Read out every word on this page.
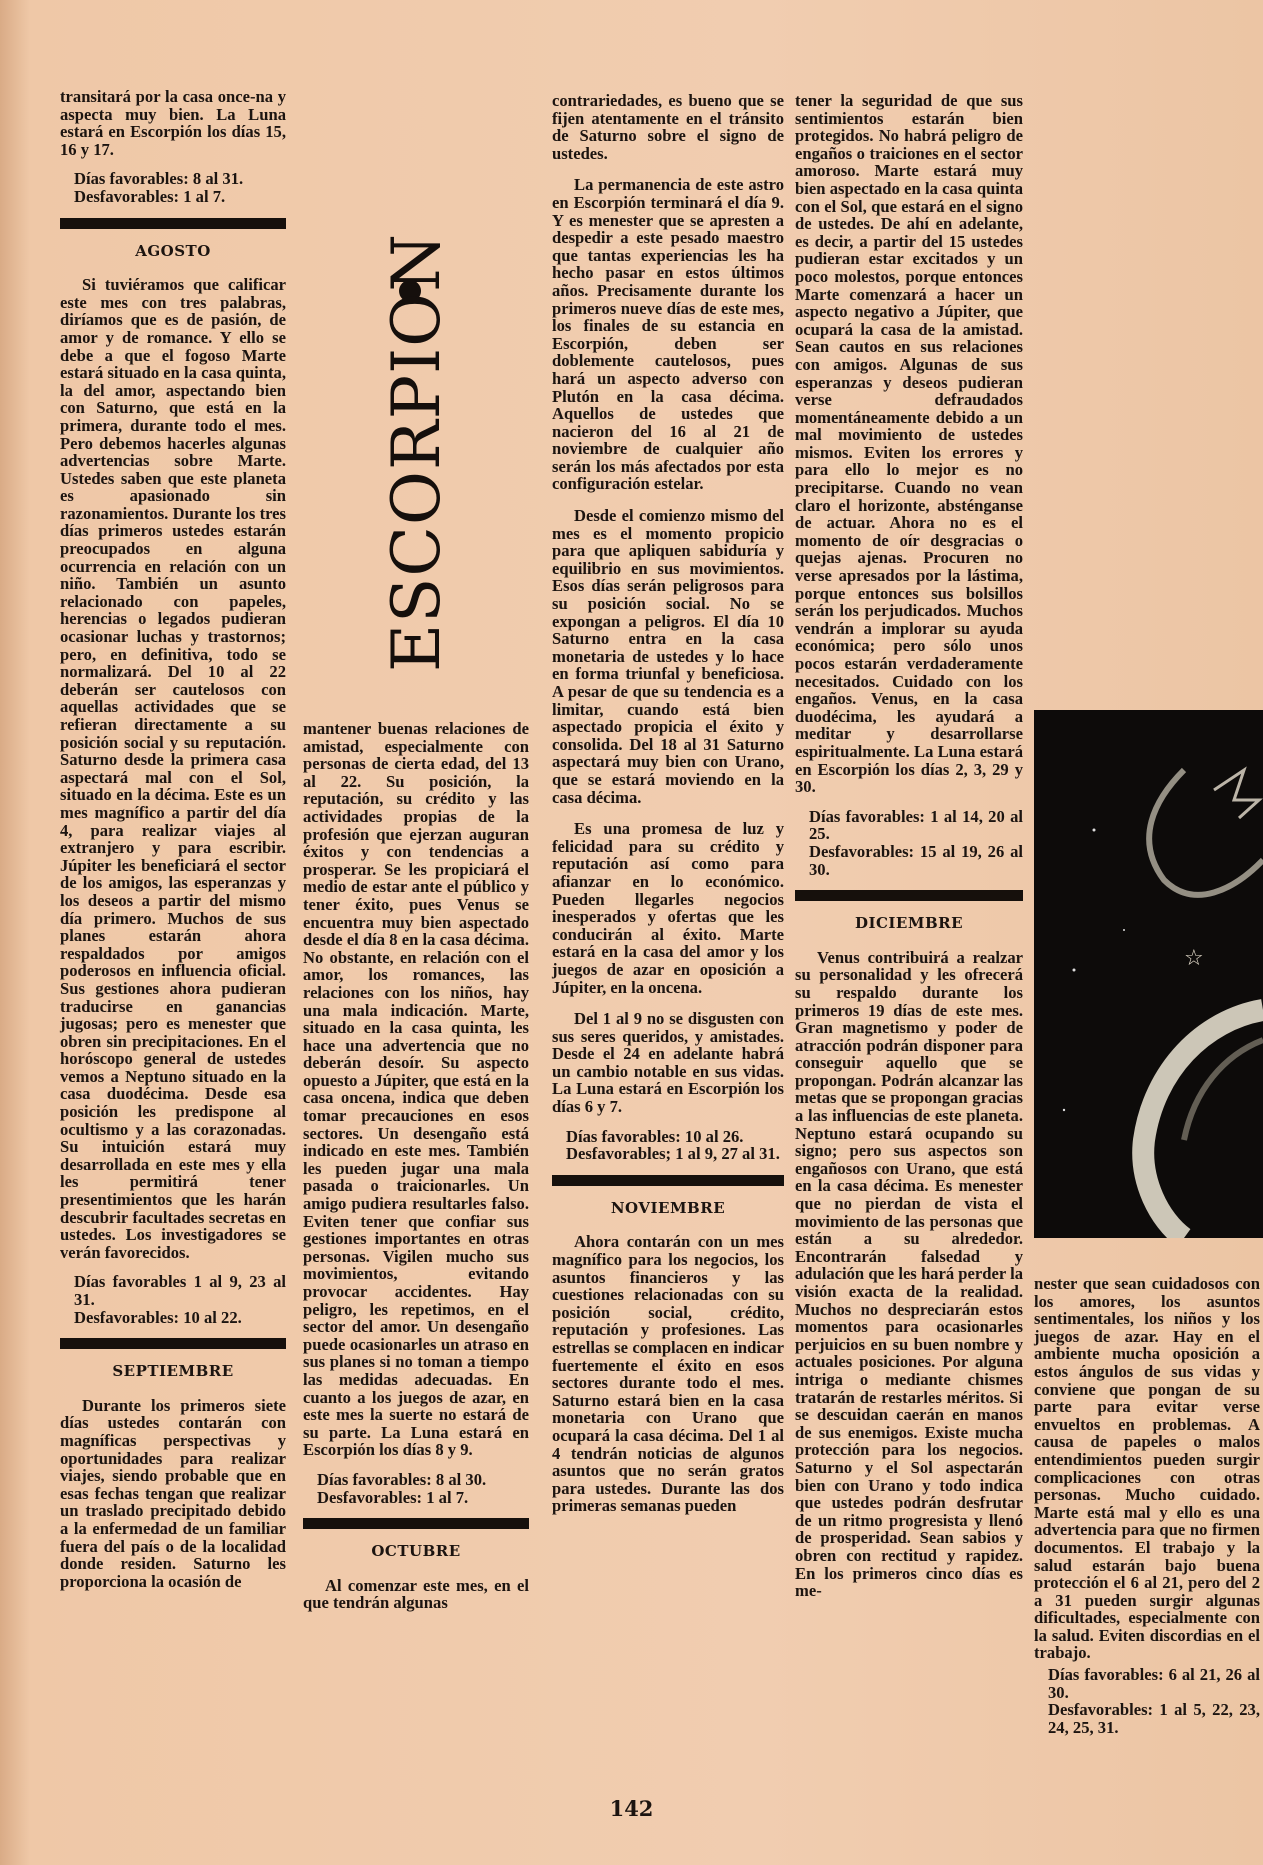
transitará por la casa once-na y aspecta muy bien. La Luna estará en Escorpión los días 15, 16 y 17.

Días favorables: 8 al 31.
Desfavorables: 1 al 7.
AGOSTO

Si tuviéramos que calificar este mes con tres palabras, diríamos que es de pasión, de amor y de romance. Y ello se debe a que el fogoso Marte estará situado en la casa quinta, la del amor, aspectando bien con Saturno, que está en la primera, durante todo el mes. Pero debemos hacerles algunas advertencias sobre Marte. Ustedes saben que este planeta es apasionado sin razonamientos. Durante los tres días primeros ustedes estarán preocupados en alguna ocurrencia en relación con un niño. También un asunto relacionado con papeles, herencias o legados pudieran ocasionar luchas y trastornos; pero, en definitiva, todo se normalizará. Del 10 al 22 deberán ser cautelosos con aquellas actividades que se refieran directamente a su posición social y su reputación. Saturno desde la primera casa aspectará mal con el Sol, situado en la décima. Este es un mes magnífico a partir del día 4, para realizar viajes al extranjero y para escribir. Júpiter les beneficiará el sector de los amigos, las esperanzas y los deseos a partir del mismo día primero. Muchos de sus planes estarán ahora respaldados por amigos poderosos en influencia oficial. Sus gestiones ahora pudieran traducirse en ganancias jugosas; pero es menester que obren sin precipitaciones. En el horóscopo general de ustedes vemos a Neptuno situado en la casa duodécima. Desde esa posición les predispone al ocultismo y a las corazonadas. Su intuición estará muy desarrollada en este mes y ella les permitirá tener presentimientos que les harán descubrir facultades secretas en ustedes. Los investigadores se verán favorecidos.

Días favorables 1 al 9, 23 al 31.
Desfavorables: 10 al 22.
SEPTIEMBRE

Durante los primeros siete días ustedes contarán con magníficas perspectivas y oportunidades para realizar viajes, siendo probable que en esas fechas tengan que realizar un traslado precipitado debido a la enfermedad de un familiar fuera del país o de la localidad donde residen. Saturno les proporciona la ocasión de

ESCORPION

mantener buenas relaciones de amistad, especialmente con personas de cierta edad, del 13 al 22. Su posición, la reputación, su crédito y las actividades propias de la profesión que ejerzan auguran éxitos y con tendencias a prosperar. Se les propiciará el medio de estar ante el público y tener éxito, pues Venus se encuentra muy bien aspectado desde el día 8 en la casa décima. No obstante, en relación con el amor, los romances, las relaciones con los niños, hay una mala indicación. Marte, situado en la casa quinta, les hace una advertencia que no deberán desoír. Su aspecto opuesto a Júpiter, que está en la casa oncena, indica que deben tomar precauciones en esos sectores. Un desengaño está indicado en este mes. También les pueden jugar una mala pasada o traicionarles. Un amigo pudiera resultarles falso. Eviten tener que confiar sus gestiones importantes en otras personas. Vigilen mucho sus movimientos, evitando provocar accidentes. Hay peligro, les repetimos, en el sector del amor. Un desengaño puede ocasionarles un atraso en sus planes si no toman a tiempo las medidas adecuadas. En cuanto a los juegos de azar, en este mes la suerte no estará de su parte. La Luna estará en Escorpión los días 8 y 9.

Días favorables: 8 al 30.
Desfavorables: 1 al 7.
OCTUBRE

Al comenzar este mes, en el que tendrán algunas

contrariedades, es bueno que se fijen atentamente en el tránsito de Saturno sobre el signo de ustedes.

La permanencia de este astro en Escorpión terminará el día 9. Y es menester que se apresten a despedir a este pesado maestro que tantas experiencias les ha hecho pasar en estos últimos años. Precisamente durante los primeros nueve días de este mes, los finales de su estancia en Escorpión, deben ser doblemente cautelosos, pues hará un aspecto adverso con Plutón en la casa décima. Aquellos de ustedes que nacieron del 16 al 21 de noviembre de cualquier año serán los más afectados por esta configuración estelar.

Desde el comienzo mismo del mes es el momento propicio para que apliquen sabiduría y equilibrio en sus movimientos. Esos días serán peligrosos para su posición social. No se expongan a peligros. El día 10 Saturno entra en la casa monetaria de ustedes y lo hace en forma triunfal y beneficiosa. A pesar de que su tendencia es a limitar, cuando está bien aspectado propicia el éxito y consolida. Del 18 al 31 Saturno aspectará muy bien con Urano, que se estará moviendo en la casa décima.

Es una promesa de luz y felicidad para su crédito y reputación así como para afianzar en lo económico. Pueden llegarles negocios inesperados y ofertas que les conducirán al éxito. Marte estará en la casa del amor y los juegos de azar en oposición a Júpiter, en la oncena.

Del 1 al 9 no se disgusten con sus seres queridos, y amistades. Desde el 24 en adelante habrá un cambio notable en sus vidas. La Luna estará en Escorpión los días 6 y 7.

Días favorables: 10 al 26.
Desfavorables; 1 al 9, 27 al 31.
NOVIEMBRE

Ahora contarán con un mes magnífico para los negocios, los asuntos financieros y las cuestiones relacionadas con su posición social, crédito, reputación y profesiones. Las estrellas se complacen en indicar fuertemente el éxito en esos sectores durante todo el mes. Saturno estará bien en la casa monetaria con Urano que ocupará la casa décima. Del 1 al 4 tendrán noticias de algunos asuntos que no serán gratos para ustedes. Durante las dos primeras semanas pueden

tener la seguridad de que sus sentimientos estarán bien protegidos. No habrá peligro de engaños o traiciones en el sector amoroso. Marte estará muy bien aspectado en la casa quinta con el Sol, que estará en el signo de ustedes. De ahí en adelante, es decir, a partir del 15 ustedes pudieran estar excitados y un poco molestos, porque entonces Marte comenzará a hacer un aspecto negativo a Júpiter, que ocupará la casa de la amistad. Sean cautos en sus relaciones con amigos. Algunas de sus esperanzas y deseos pudieran verse defraudados momentáneamente debido a un mal movimiento de ustedes mismos. Eviten los errores y para ello lo mejor es no precipitarse. Cuando no vean claro el horizonte, absténganse de actuar. Ahora no es el momento de oír desgracias o quejas ajenas. Procuren no verse apresados por la lástima, porque entonces sus bolsillos serán los perjudicados. Muchos vendrán a implorar su ayuda económica; pero sólo unos pocos estarán verdaderamente necesitados. Cuidado con los engaños. Venus, en la casa duodécima, les ayudará a meditar y desarrollarse espiritualmente. La Luna estará en Escorpión los días 2, 3, 29 y 30.

Días favorables: 1 al 14, 20 al 25.
Desfavorables: 15 al 19, 26 al 30.
DICIEMBRE

Venus contribuirá a realzar su personalidad y les ofrecerá su respaldo durante los primeros 19 días de este mes. Gran magnetismo y poder de atracción podrán disponer para conseguir aquello que se propongan. Podrán alcanzar las metas que se propongan gracias a las influencias de este planeta. Neptuno estará ocupando su signo; pero sus aspectos son engañosos con Urano, que está en la casa décima. Es menester que no pierdan de vista el movimiento de las personas que están a su alrededor. Encontrarán falsedad y adulación que les hará perder la visión exacta de la realidad. Muchos no despreciarán estos momentos para ocasionarles perjuicios en su buen nombre y actuales posiciones. Por alguna intriga o mediante chismes tratarán de restarles méritos. Si se descuidan caerán en manos de sus enemigos. Existe mucha protección para los negocios. Saturno y el Sol aspectarán bien con Urano y todo indica que ustedes podrán desfrutar de un ritmo progresista y llenó de prosperidad. Sean sabios y obren con rectitud y rapidez. En los primeros cinco días es me-

☆

nester que sean cuidadosos con los amores, los asuntos sentimentales, los niños y los juegos de azar. Hay en el ambiente mucha oposición a estos ángulos de sus vidas y conviene que pongan de su parte para evitar verse envueltos en problemas. A causa de papeles o malos entendimientos pueden surgir complicaciones con otras personas. Mucho cuidado. Marte está mal y ello es una advertencia para que no firmen documentos. El trabajo y la salud estarán bajo buena protección el 6 al 21, pero del 2 a 31 pueden surgir algunas dificultades, especialmente con la salud. Eviten discordias en el trabajo.

Días favorables: 6 al 21, 26 al 30.
Desfavorables: 1 al 5, 22, 23, 24, 25, 31.
142
